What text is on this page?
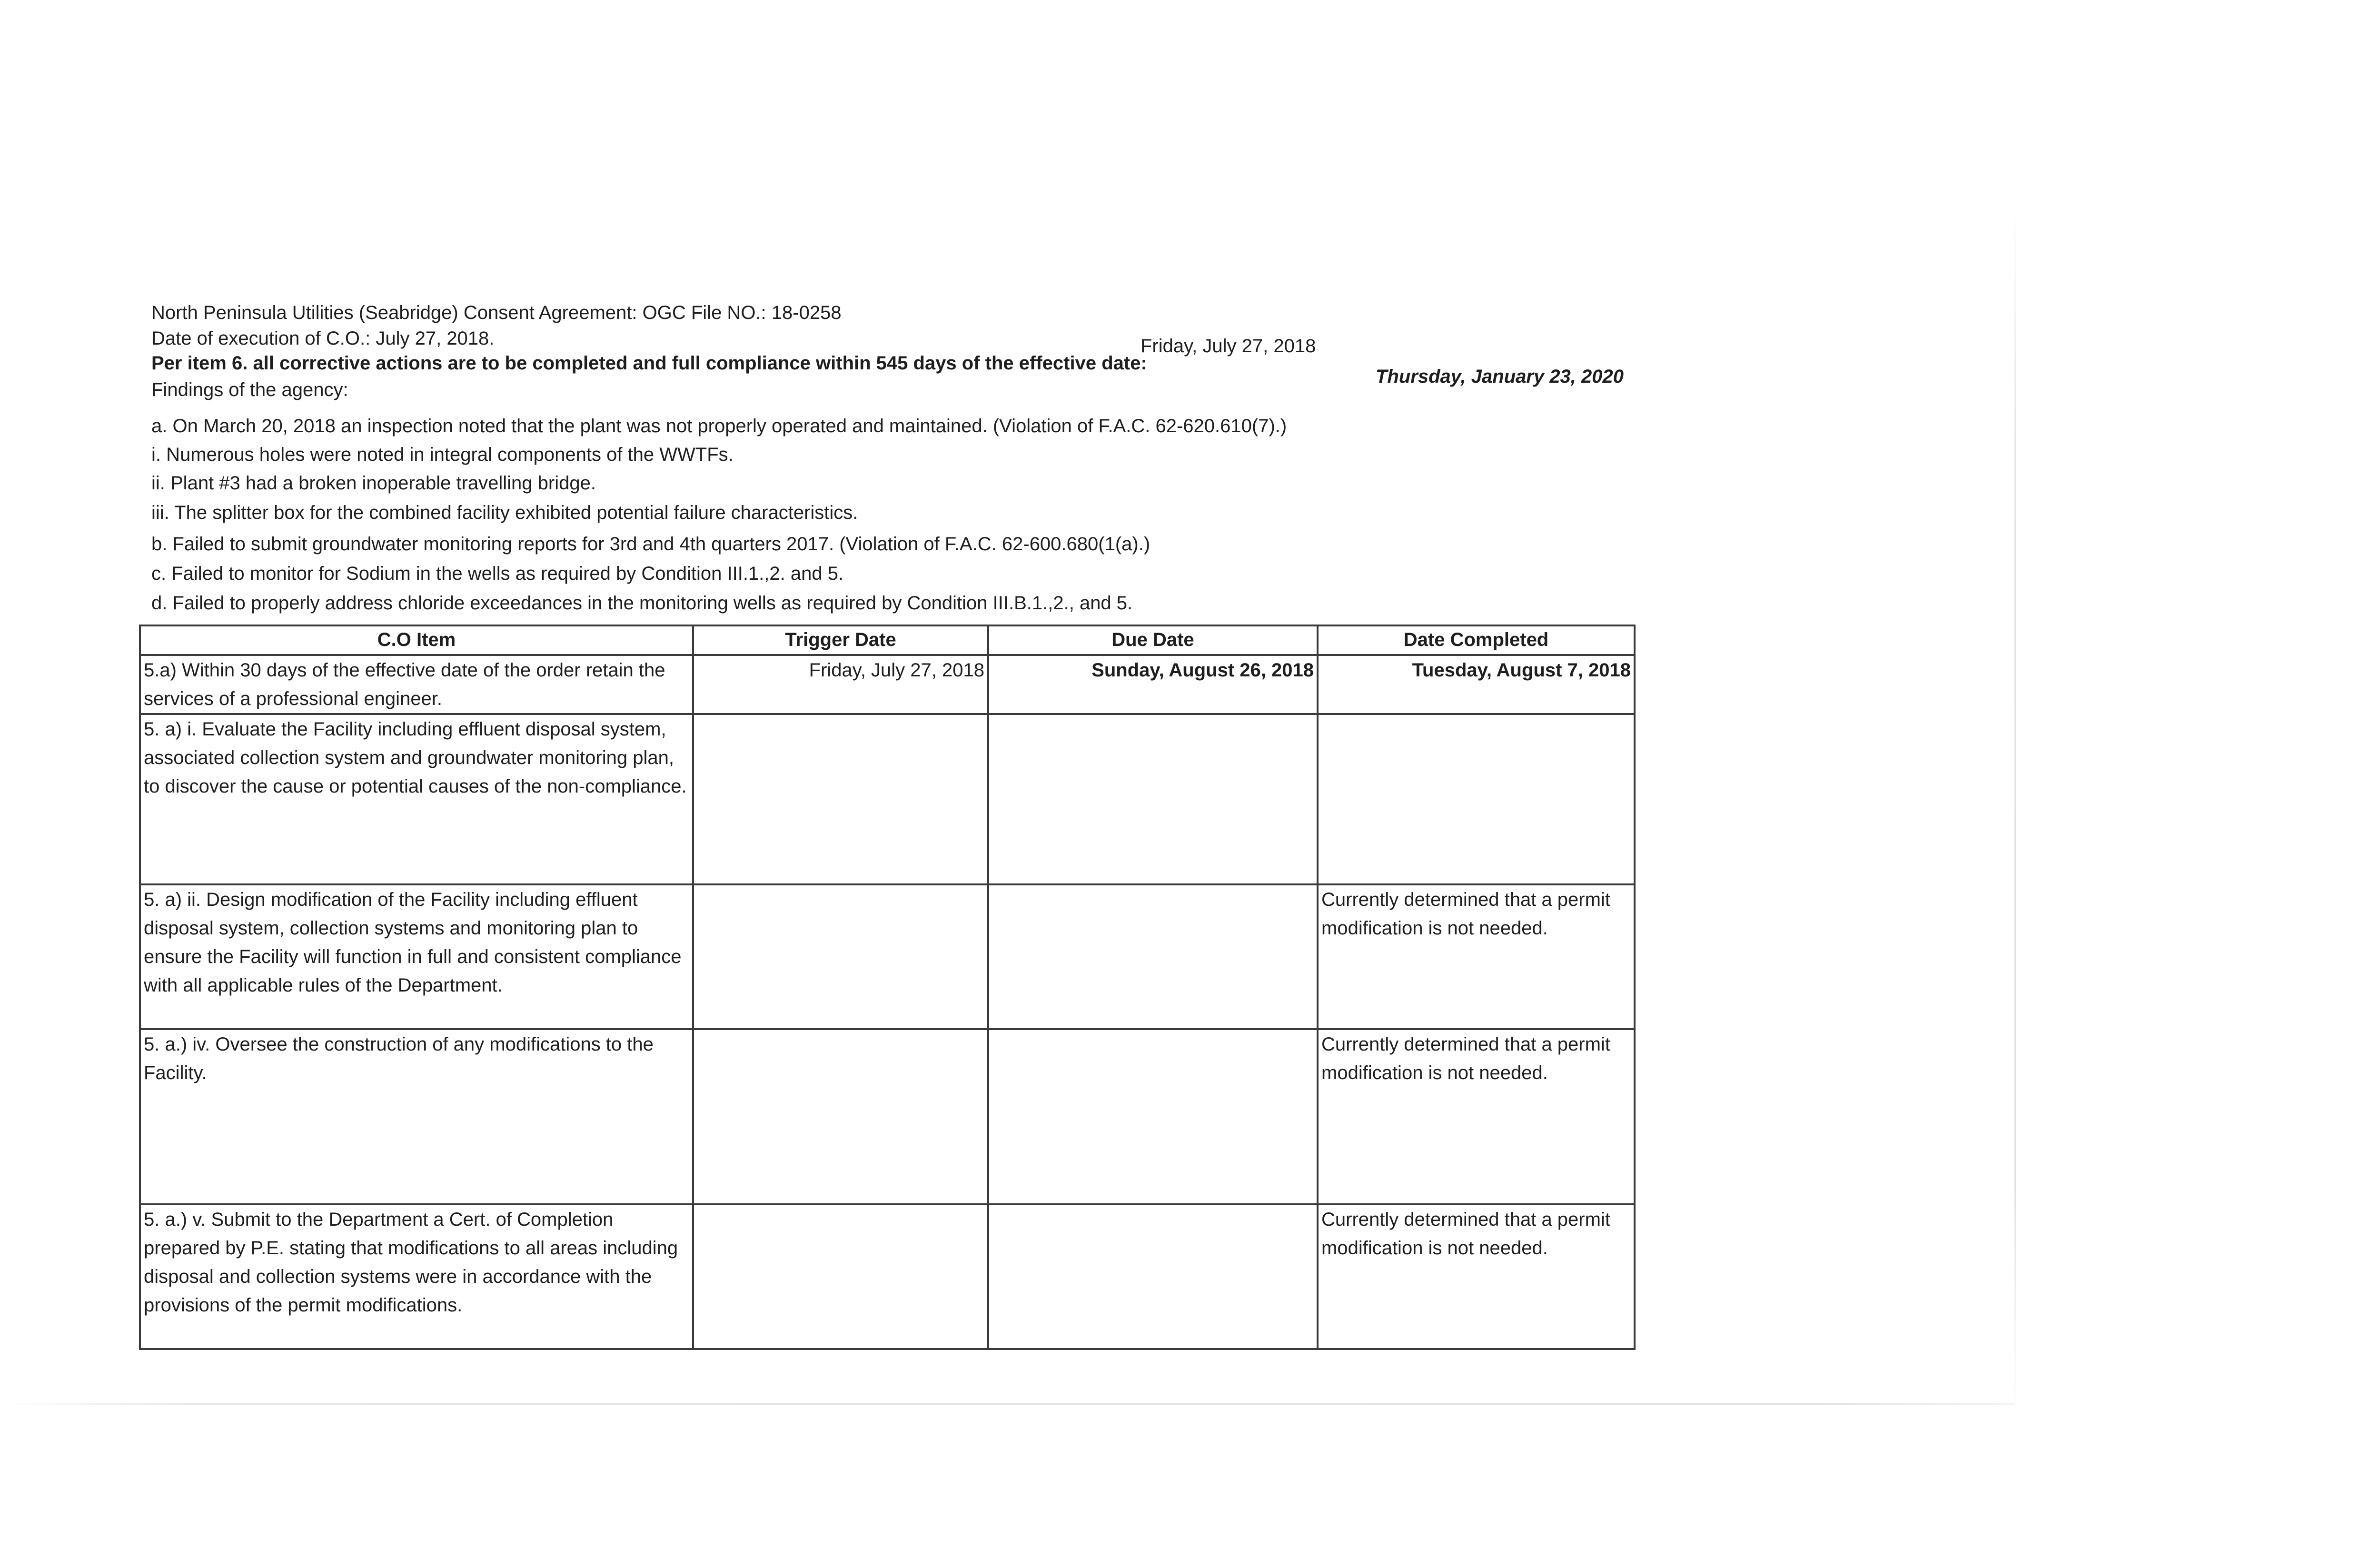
North Peninsula Utilities (Seabridge) Consent Agreement: OGC File NO.: 18-0258
Date of execution of C.O.: July 27, 2018.	Friday, July 27, 2018
Per item 6. all corrective actions are to be completed and full compliance within 545 days of the effective date:
Thursday, January 23, 2020
Findings of the agency:
a. On March 20, 2018 an inspection noted that the plant was not properly operated and maintained. (Violation of F.A.C. 62-620.610(7).)
i. Numerous holes were noted in integral components of the WWTFs.
ii. Plant #3 had a broken inoperable travelling bridge.
iii. The splitter box for the combined facility exhibited potential failure characteristics.
b. Failed to submit groundwater monitoring reports for 3rd and 4th quarters 2017. (Violation of F.A.C. 62-600.680(1(a).)
c. Failed to monitor for Sodium in the wells as required by Condition III.1.,2. and 5.
d. Failed to properly address chloride exceedances in the monitoring wells as required by Condition III.B.1.,2., and 5.
C.O Item	Trigger Date	Due Date	Date Completed
5.a) Within 30 days of the effective date of the order retain the services of a professional engineer.	Friday, July 27, 2018	Sunday, August 26, 2018	Tuesday, August 7, 2018
5. a) i. Evaluate the Facility including effluent disposal system, associated collection system and groundwater monitoring plan, to discover the cause or potential causes of the non-compliance.			
5. a) ii. Design modification of the Facility including effluent disposal system, collection systems and monitoring plan to ensure the Facility will function in full and consistent compliance with all applicable rules of the Department.			Currently determined that a permit modification is not needed.
5. a.) iv. Oversee the construction of any modifications to the Facility.			Currently determined that a permit modification is not needed.
5. a.) v. Submit to the Department a Cert. of Completion prepared by P.E. stating that modifications to all areas including disposal and collection systems were in accordance with the provisions of the permit modifications.			Currently determined that a permit modification is not needed.
